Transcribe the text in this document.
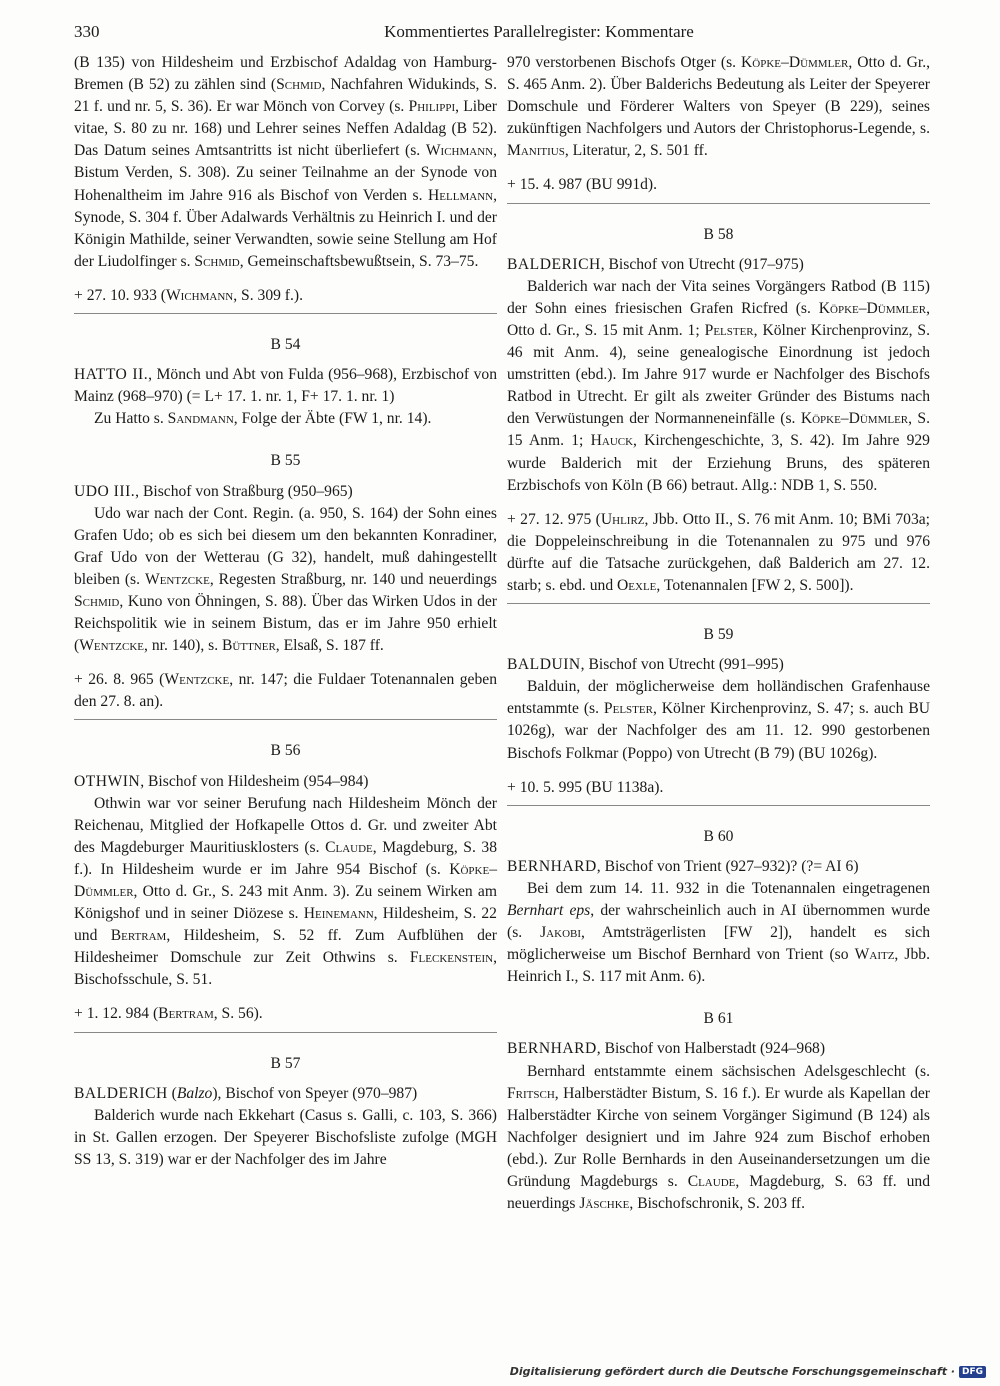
330	Kommentiertes Parallelregister: Kommentare

(B 135) von Hildesheim und Erzbischof Adaldag von Hamburg-Bremen (B 52) zu zählen sind (Schmid, Nachfahren Widukinds, S. 21 f. und nr. 5, S. 36). Er war Mönch von Corvey (s. Philippi, Liber vitae, S. 80 zu nr. 168) und Lehrer seines Neffen Adaldag (B 52). Das Datum seines Amtsantritts ist nicht überliefert (s. Wichmann, Bistum Verden, S. 308). Zu seiner Teilnahme an der Synode von Hohenaltheim im Jahre 916 als Bischof von Verden s. Hellmann, Synode, S. 304 f. Über Adalwards Verhältnis zu Heinrich I. und der Königin Mathilde, seiner Verwandten, sowie seine Stellung am Hof der Liudolfinger s. Schmid, Gemeinschaftsbewußtsein, S. 73–75.

+ 27. 10. 933 (Wichmann, S. 309 f.).

B 54

HATTO II., Mönch und Abt von Fulda (956–968), Erzbischof von Mainz (968–970) (= L+ 17. 1. nr. 1, F+ 17. 1. nr. 1)

Zu Hatto s. Sandmann, Folge der Äbte (FW 1, nr. 14).

B 55

UDO III., Bischof von Straßburg (950–965)

Udo war nach der Cont. Regin. (a. 950, S. 164) der Sohn eines Grafen Udo; ob es sich bei diesem um den bekannten Konradiner, Graf Udo von der Wetterau (G 32), handelt, muß dahingestellt bleiben (s. Wentzcke, Regesten Straßburg, nr. 140 und neuerdings Schmid, Kuno von Öhningen, S. 88). Über das Wirken Udos in der Reichspolitik wie in seinem Bistum, das er im Jahre 950 erhielt (Wentzcke, nr. 140), s. Büttner, Elsaß, S. 187 ff.

+ 26. 8. 965 (Wentzcke, nr. 147; die Fuldaer Totenannalen geben den 27. 8. an).

B 56

OTHWIN, Bischof von Hildesheim (954–984)

Othwin war vor seiner Berufung nach Hildesheim Mönch der Reichenau, Mitglied der Hofkapelle Ottos d. Gr. und zweiter Abt des Magdeburger Mauritiusklosters (s. Claude, Magdeburg, S. 38 f.). In Hildesheim wurde er im Jahre 954 Bischof (s. Köpke–Dümmler, Otto d. Gr., S. 243 mit Anm. 3). Zu seinem Wirken am Königshof und in seiner Diözese s. Heinemann, Hildesheim, S. 22 und Bertram, Hildesheim, S. 52 ff. Zum Aufblühen der Hildesheimer Domschule zur Zeit Othwins s. Fleckenstein, Bischofsschule, S. 51.

+ 1. 12. 984 (Bertram, S. 56).

B 57

BALDERICH (Balzo), Bischof von Speyer (970–987)

Balderich wurde nach Ekkehart (Casus s. Galli, c. 103, S. 366) in St. Gallen erzogen. Der Speyerer Bischofsliste zufolge (MGH SS 13, S. 319) war er der Nachfolger des im Jahre

970 verstorbenen Bischofs Otger (s. Köpke–Dümmler, Otto d. Gr., S. 465 Anm. 2). Über Balderichs Bedeutung als Leiter der Speyerer Domschule und Förderer Walters von Speyer (B 229), seines zukünftigen Nachfolgers und Autors der Christophorus-Legende, s. Manitius, Literatur, 2, S. 501 ff.

+ 15. 4. 987 (BU 991d).

B 58

BALDERICH, Bischof von Utrecht (917–975)

Balderich war nach der Vita seines Vorgängers Ratbod (B 115) der Sohn eines friesischen Grafen Ricfred (s. Köpke–Dümmler, Otto d. Gr., S. 15 mit Anm. 1; Pelster, Kölner Kirchenprovinz, S. 46 mit Anm. 4), seine genealogische Einordnung ist jedoch umstritten (ebd.). Im Jahre 917 wurde er Nachfolger des Bischofs Ratbod in Utrecht. Er gilt als zweiter Gründer des Bistums nach den Verwüstungen der Normanneneinfälle (s. Köpke–Dümmler, S. 15 Anm. 1; Hauck, Kirchengeschichte, 3, S. 42). Im Jahre 929 wurde Balderich mit der Erziehung Bruns, des späteren Erzbischofs von Köln (B 66) betraut. Allg.: NDB 1, S. 550.

+ 27. 12. 975 (Uhlirz, Jbb. Otto II., S. 76 mit Anm. 10; BMi 703a; die Doppeleinschreibung in die Totenannalen zu 975 und 976 dürfte auf die Tatsache zurückgehen, daß Balderich am 27. 12. starb; s. ebd. und Oexle, Totenannalen [FW 2, S. 500]).

B 59

BALDUIN, Bischof von Utrecht (991–995)

Balduin, der möglicherweise dem holländischen Grafenhause entstammte (s. Pelster, Kölner Kirchenprovinz, S. 47; s. auch BU 1026g), war der Nachfolger des am 11. 12. 990 gestorbenen Bischofs Folkmar (Poppo) von Utrecht (B 79) (BU 1026g).

+ 10. 5. 995 (BU 1138a).

B 60

BERNHARD, Bischof von Trient (927–932)? (?= AI 6)

Bei dem zum 14. 11. 932 in die Totenannalen eingetragenen Bernhart eps, der wahrscheinlich auch in AI übernommen wurde (s. Jakobi, Amtsträgerlisten [FW 2]), handelt es sich möglicherweise um Bischof Bernhard von Trient (so Waitz, Jbb. Heinrich I., S. 117 mit Anm. 6).

B 61

BERNHARD, Bischof von Halberstadt (924–968)

Bernhard entstammte einem sächsischen Adelsgeschlecht (s. Fritsch, Halberstädter Bistum, S. 16 f.). Er wurde als Kapellan der Halberstädter Kirche von seinem Vorgänger Sigimund (B 124) als Nachfolger designiert und im Jahre 924 zum Bischof erhoben (ebd.). Zur Rolle Bernhards in den Auseinandersetzungen um die Gründung Magdeburgs s. Claude, Magdeburg, S. 63 ff. und neuerdings Jäschke, Bischofschronik, S. 203 ff.

Digitalisierung gefördert durch die Deutsche Forschungsgemeinschaft · DFG
